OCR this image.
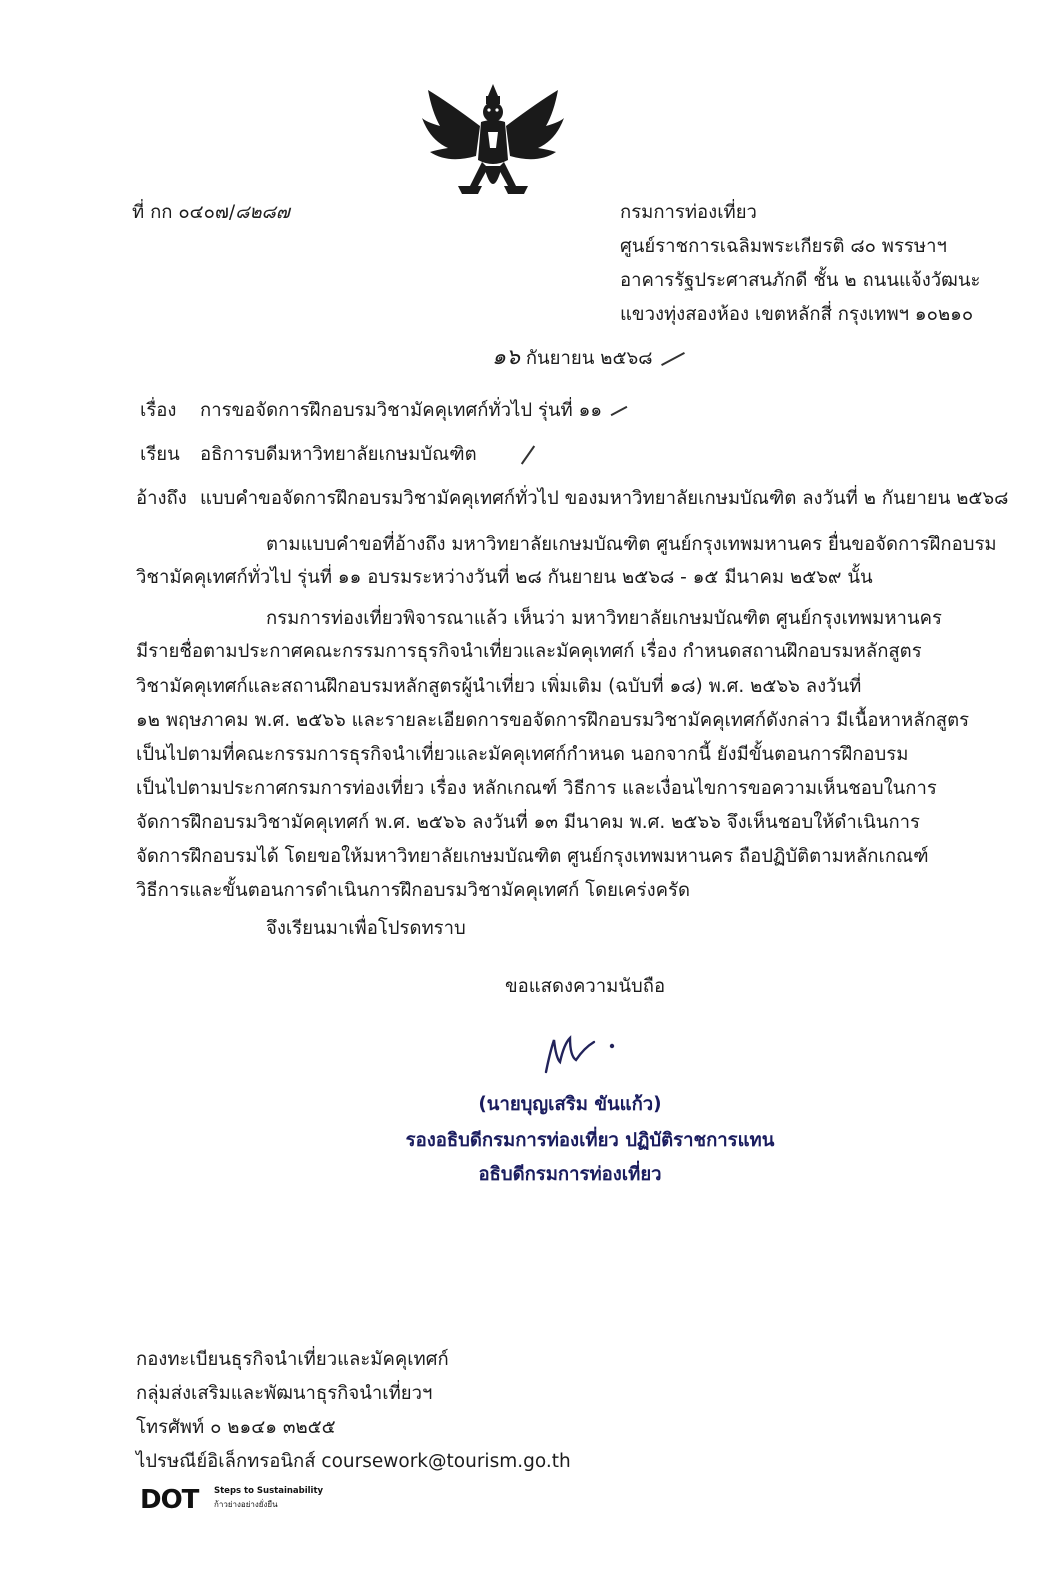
ที่ กก ๐๔๐๗/๘๒๘๗	กรมการท่องเที่ยว
ศูนย์ราชการเฉลิมพระเกียรติ ๘๐ พรรษาฯ
อาคารรัฐประศาสนภักดี ชั้น ๒ ถนนแจ้งวัฒนะ
แขวงทุ่งสองห้อง เขตหลักสี่ กรุงเทพฯ ๑๐๒๑๐
๑๖ กันยายน ๒๕๖๘
เรื่อง การขอจัดการฝึกอบรมวิชามัคคุเทศก์ทั่วไป รุ่นที่ ๑๑
เรียน อธิการบดีมหาวิทยาลัยเกษมบัณฑิต
อ้างถึง แบบคำขอจัดการฝึกอบรมวิชามัคคุเทศก์ทั่วไป ของมหาวิทยาลัยเกษมบัณฑิต ลงวันที่ ๒ กันยายน ๒๕๖๘
ตามแบบคำขอที่อ้างถึง มหาวิทยาลัยเกษมบัณฑิต ศูนย์กรุงเทพมหานคร ยื่นขอจัดการฝึกอบรม
วิชามัคคุเทศก์ทั่วไป รุ่นที่ ๑๑ อบรมระหว่างวันที่ ๒๘ กันยายน ๒๕๖๘ - ๑๕ มีนาคม ๒๕๖๙ นั้น
กรมการท่องเที่ยวพิจารณาแล้ว เห็นว่า มหาวิทยาลัยเกษมบัณฑิต ศูนย์กรุงเทพมหานคร
มีรายชื่อตามประกาศคณะกรรมการธุรกิจนำเที่ยวและมัคคุเทศก์ เรื่อง กำหนดสถานฝึกอบรมหลักสูตร
วิชามัคคุเทศก์และสถานฝึกอบรมหลักสูตรผู้นำเที่ยว เพิ่มเติม (ฉบับที่ ๑๘) พ.ศ. ๒๕๖๖ ลงวันที่
๑๒ พฤษภาคม พ.ศ. ๒๕๖๖ และรายละเอียดการขอจัดการฝึกอบรมวิชามัคคุเทศก์ดังกล่าว มีเนื้อหาหลักสูตร
เป็นไปตามที่คณะกรรมการธุรกิจนำเที่ยวและมัคคุเทศก์กำหนด นอกจากนี้ ยังมีขั้นตอนการฝึกอบรม
เป็นไปตามประกาศกรมการท่องเที่ยว เรื่อง หลักเกณฑ์ วิธีการ และเงื่อนไขการขอความเห็นชอบในการ
จัดการฝึกอบรมวิชามัคคุเทศก์ พ.ศ. ๒๕๖๖ ลงวันที่ ๑๓ มีนาคม พ.ศ. ๒๕๖๖ จึงเห็นชอบให้ดำเนินการ
จัดการฝึกอบรมได้ โดยขอให้มหาวิทยาลัยเกษมบัณฑิต ศูนย์กรุงเทพมหานคร ถือปฏิบัติตามหลักเกณฑ์
วิธีการและขั้นตอนการดำเนินการฝึกอบรมวิชามัคคุเทศก์ โดยเคร่งครัด
จึงเรียนมาเพื่อโปรดทราบ
ขอแสดงความนับถือ
(นายบุญเสริม ขันแก้ว)
รองอธิบดีกรมการท่องเที่ยว ปฏิบัติราชการแทน
อธิบดีกรมการท่องเที่ยว
กองทะเบียนธุรกิจนำเที่ยวและมัคคุเทศก์
กลุ่มส่งเสริมและพัฒนาธุรกิจนำเที่ยวฯ
โทรศัพท์ ๐ ๒๑๔๑ ๓๒๕๕
ไปรษณีย์อิเล็กทรอนิกส์ coursework@tourism.go.th
DOT Steps to Sustainability
ก้าวย่างอย่างยั่งยืน
